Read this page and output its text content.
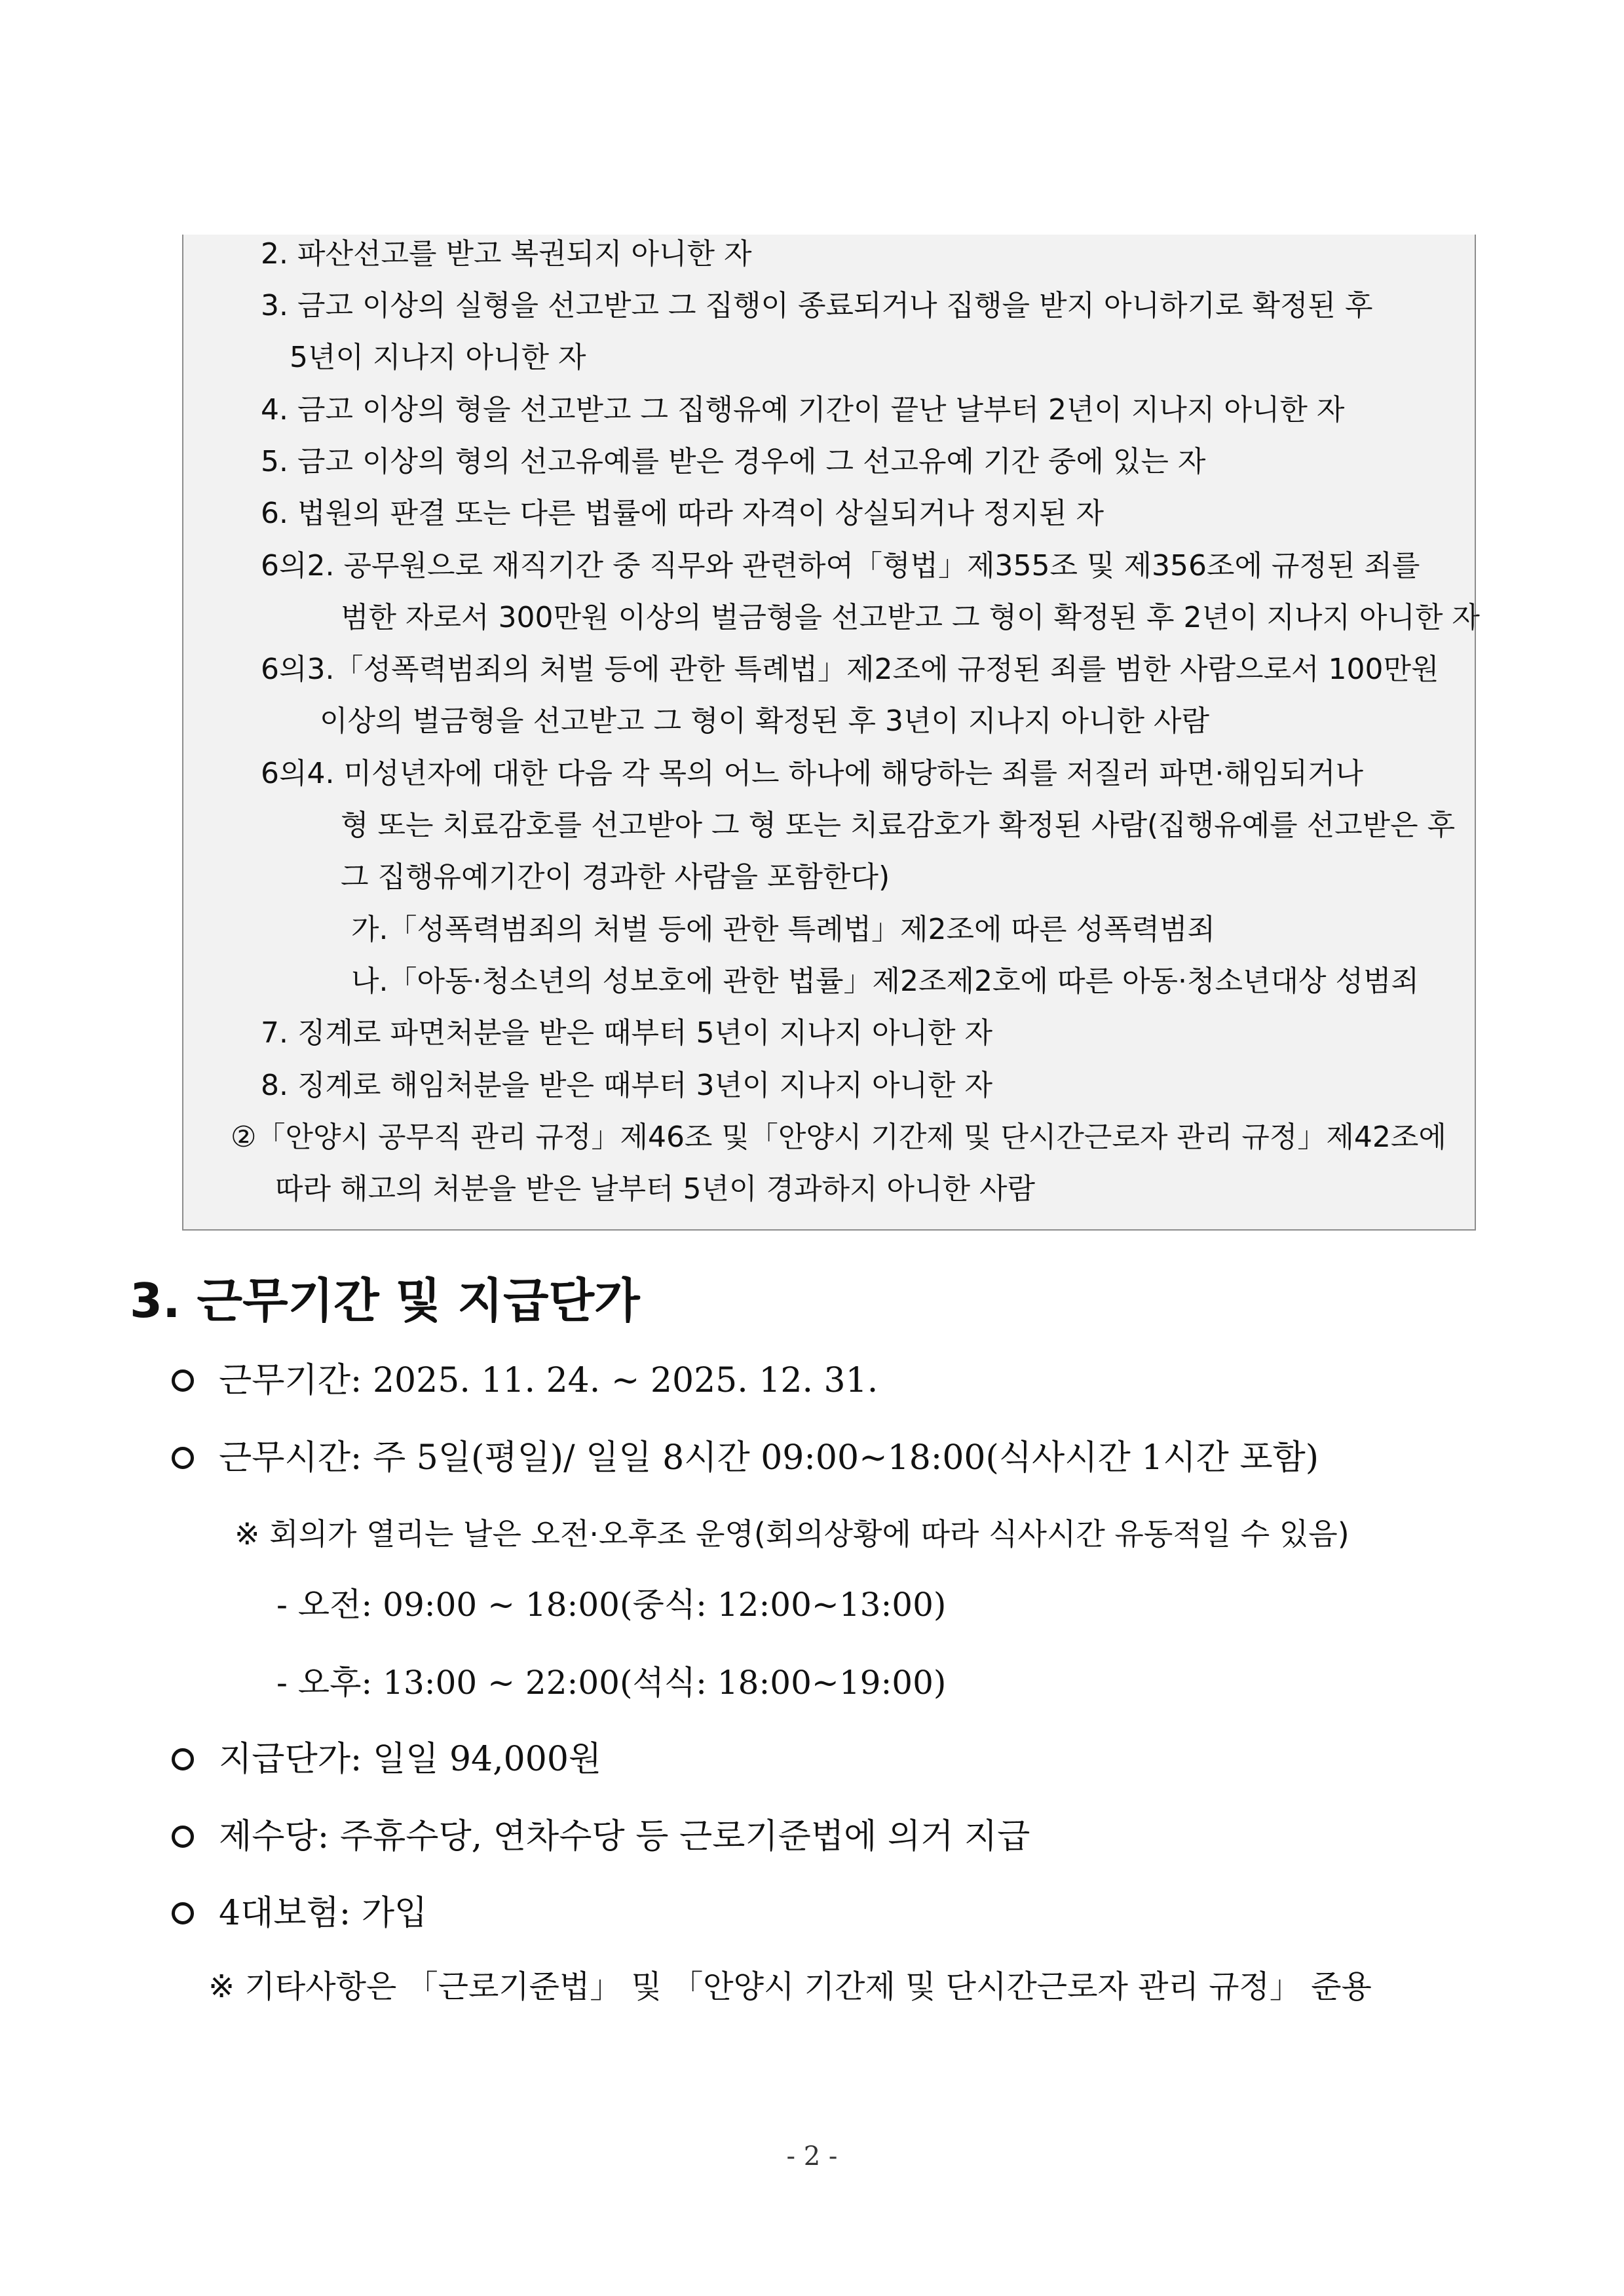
2. 파산선고를 받고 복권되지 아니한 자
3. 금고 이상의 실형을 선고받고 그 집행이 종료되거나 집행을 받지 아니하기로 확정된 후
5년이 지나지 아니한 자
4. 금고 이상의 형을 선고받고 그 집행유예 기간이 끝난 날부터 2년이 지나지 아니한 자
5. 금고 이상의 형의 선고유예를 받은 경우에 그 선고유예 기간 중에 있는 자
6. 법원의 판결 또는 다른 법률에 따라 자격이 상실되거나 정지된 자
6의2. 공무원으로 재직기간 중 직무와 관련하여「형법」제355조 및 제356조에 규정된 죄를
범한 자로서 300만원 이상의 벌금형을 선고받고 그 형이 확정된 후 2년이 지나지 아니한 자
6의3.「성폭력범죄의 처벌 등에 관한 특례법」제2조에 규정된 죄를 범한 사람으로서 100만원
이상의 벌금형을 선고받고 그 형이 확정된 후 3년이 지나지 아니한 사람
6의4. 미성년자에 대한 다음 각 목의 어느 하나에 해당하는 죄를 저질러 파면·해임되거나
형 또는 치료감호를 선고받아 그 형 또는 치료감호가 확정된 사람(집행유예를 선고받은 후
그 집행유예기간이 경과한 사람을 포함한다)
가.「성폭력범죄의 처벌 등에 관한 특례법」제2조에 따른 성폭력범죄
나.「아동·청소년의 성보호에 관한 법률」제2조제2호에 따른 아동·청소년대상 성범죄
7. 징계로 파면처분을 받은 때부터 5년이 지나지 아니한 자
8. 징계로 해임처분을 받은 때부터 3년이 지나지 아니한 자
②「안양시 공무직 관리 규정」제46조 및「안양시 기간제 및 단시간근로자 관리 규정」제42조에
따라 해고의 처분을 받은 날부터 5년이 경과하지 아니한 사람
3. 근무기간 및 지급단가
근무기간: 2025. 11. 24. ~ 2025. 12. 31.
근무시간: 주 5일(평일)/ 일일 8시간 09:00~18:00(식사시간 1시간 포함)
※ 회의가 열리는 날은 오전·오후조 운영(회의상황에 따라 식사시간 유동적일 수 있음)
- 오전: 09:00 ~ 18:00(중식: 12:00~13:00)
- 오후: 13:00 ~ 22:00(석식: 18:00~19:00)
지급단가: 일일 94,000원
제수당: 주휴수당, 연차수당 등 근로기준법에 의거 지급
4대보험: 가입
※ 기타사항은 「근로기준법」 및 「안양시 기간제 및 단시간근로자 관리 규정」 준용
- 2 -
